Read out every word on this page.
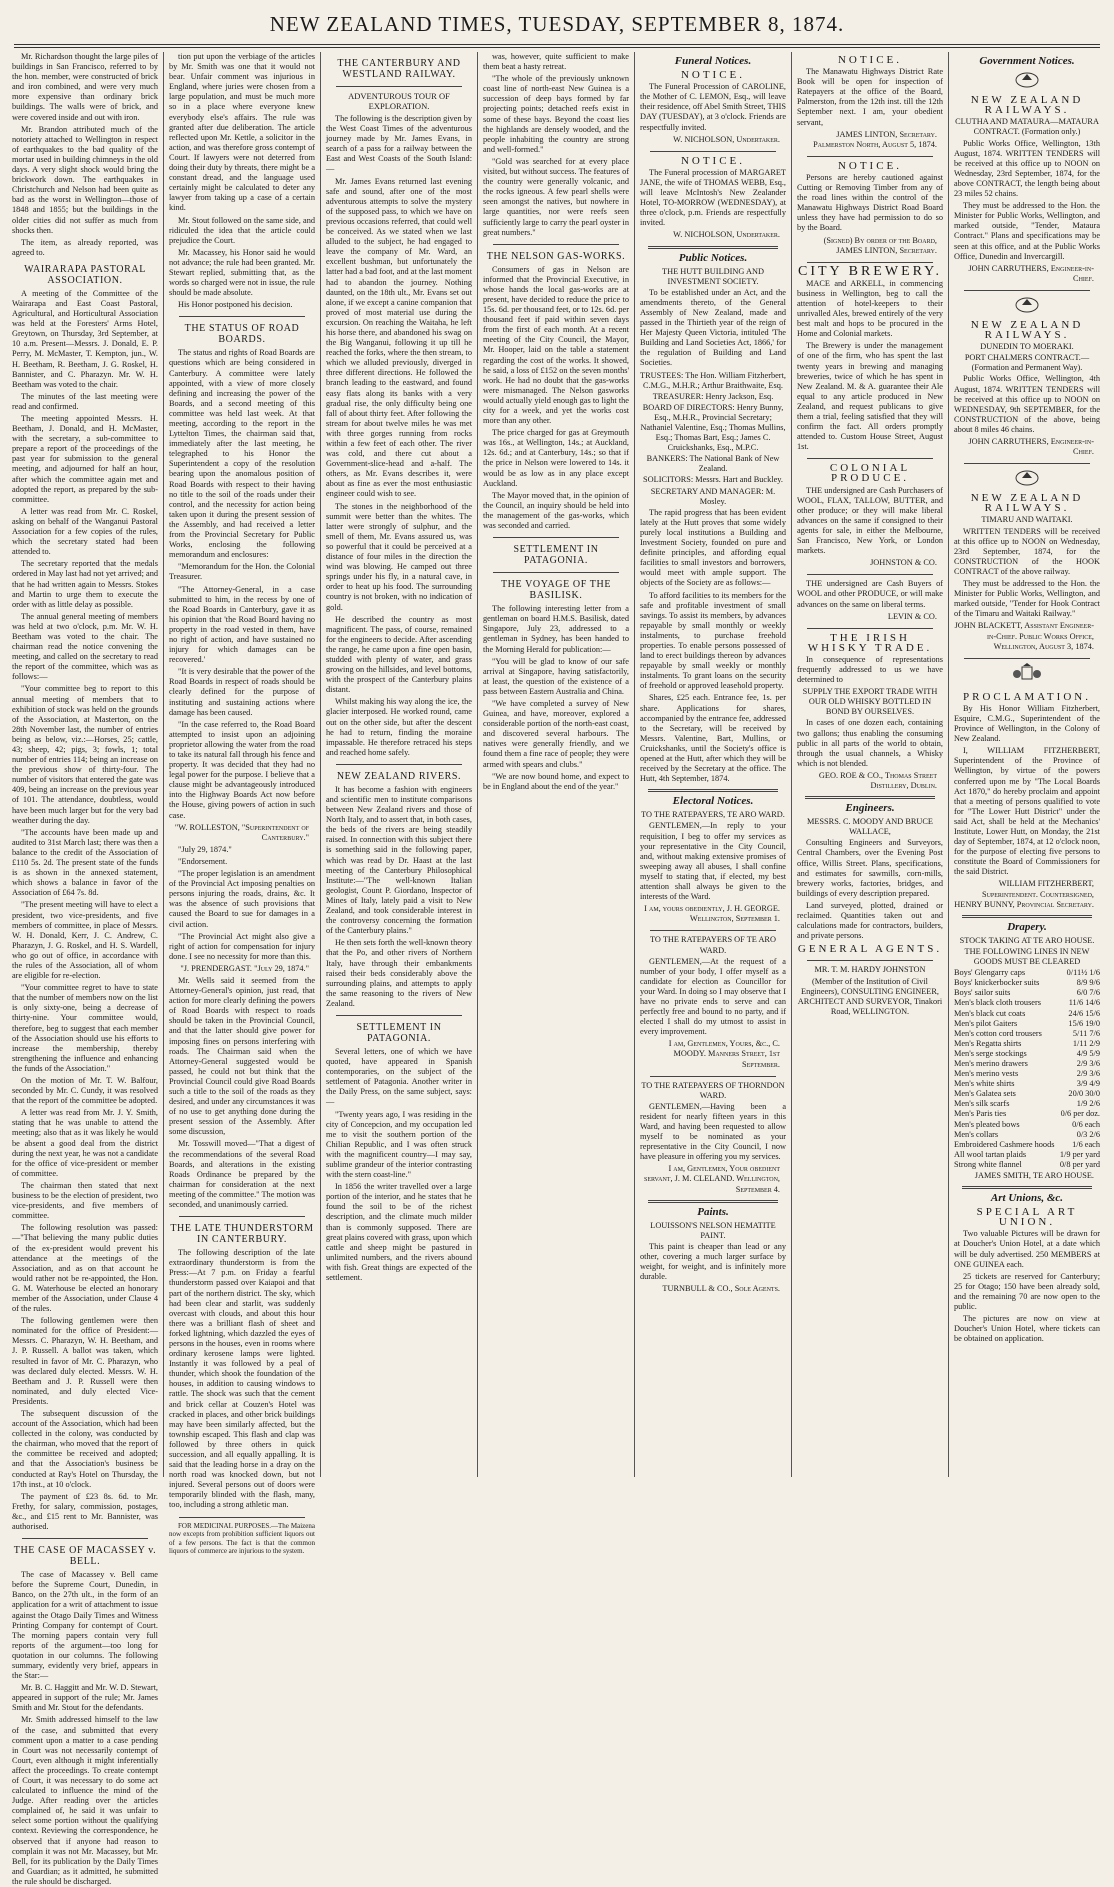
NEW ZEALAND TIMES, TUESDAY, SEPTEMBER 8, 1874.

Mr. Richardson thought the large piles of buildings in San Francisco, referred to by the hon. member, were constructed of brick and iron combined, and were very much more expensive than ordinary brick buildings. The walls were of brick, and were covered inside and out with iron.

Mr. Brandon attributed much of the notoriety attached to Wellington in respect of earthquakes to the bad quality of the mortar used in building chimneys in the old days. A very slight shock would bring the brickwork down. The earthquakes in Christchurch and Nelson had been quite as bad as the worst in Wellington—those of 1848 and 1855; but the buildings in the older cities did not suffer as much from shocks then.

The item, as already reported, was agreed to.

WAIRARAPA PASTORAL ASSOCIATION.

A meeting of the Committee of the Wairarapa and East Coast Pastoral, Agricultural, and Horticultural Association was held at the Foresters' Arms Hotel, Greytown, on Thursday, 3rd September, at 10 a.m. Present—Messrs. J. Donald, E. P. Perry, M. McMaster, T. Kempton, jun., W. H. Beetham, R. Beetham, J. G. Roskel, H. Bannister, and C. Pharazyn. Mr. W. H. Beetham was voted to the chair.

The minutes of the last meeting were read and confirmed.

The meeting appointed Messrs. H. Beetham, J. Donald, and H. McMaster, with the secretary, a sub-committee to prepare a report of the proceedings of the past year for submission to the general meeting, and adjourned for half an hour, after which the committee again met and adopted the report, as prepared by the sub-committee.

A letter was read from Mr. C. Roskel, asking on behalf of the Wanganui Pastoral Association for a few copies of the rules, which the secretary stated had been attended to.

The secretary reported that the medals ordered in May last had not yet arrived; and that he had written again to Messrs. Stokes and Martin to urge them to execute the order with as little delay as possible.

The annual general meeting of members was held at two o'clock, p.m. Mr. W. H. Beetham was voted to the chair. The chairman read the notice convening the meeting, and called on the secretary to read the report of the committee, which was as follows:—

"Your committee beg to report to this annual meeting of members that to exhibition of stock was held on the grounds of the Association, at Masterton, on the 28th November last, the number of entries being as below, viz.:—Horses, 25; cattle, 43; sheep, 42; pigs, 3; fowls, 1; total number of entries 114; being an increase on the previous show of thirty-four. The number of visitors that entered the gate was 409, being an increase on the previous year of 101. The attendance, doubtless, would have been much larger but for the very bad weather during the day.

"The accounts have been made up and audited to 31st March last; there was then a balance to the credit of the Association of £110 5s. 2d. The present state of the funds is as shown in the annexed statement, which shows a balance in favor of the Association of £64 7s. 8d.

"The present meeting will have to elect a president, two vice-presidents, and five members of committee, in place of Messrs. W. H. Donald, Kerr, J. C. Andrew, C. Pharazyn, J. G. Roskel, and H. S. Wardell, who go out of office, in accordance with the rules of the Association, all of whom are eligible for re-election.

"Your committee regret to have to state that the number of members now on the list is only sixty-one, being a decrease of thirty-nine. Your committee would, therefore, beg to suggest that each member of the Association should use his efforts to increase the membership, thereby strengthening the influence and enhancing the funds of the Association."

On the motion of Mr. T. W. Balfour, seconded by Mr. C. Cundy, it was resolved that the report of the committee be adopted.

A letter was read from Mr. J. Y. Smith, stating that he was unable to attend the meeting; also that as it was likely he would be absent a good deal from the district during the next year, he was not a candidate for the office of vice-president or member of committee.

The chairman then stated that next business to be the election of president, two vice-presidents, and five members of committee.

The following resolution was passed:—"That believing the many public duties of the ex-president would prevent his attendance at the meetings of the Association, and as on that account he would rather not be re-appointed, the Hon. G. M. Waterhouse be elected an honorary member of the Association, under Clause 4 of the rules.

The following gentlemen were then nominated for the office of President:—Messrs. C. Pharazyn, W. H. Beetham, and J. P. Russell. A ballot was taken, which resulted in favor of Mr. C. Pharazyn, who was declared duly elected. Messrs. W. H. Beetham and J. P. Russell were then nominated, and duly elected Vice-Presidents.

The subsequent discussion of the account of the Association, which had been collected in the colony, was conducted by the chairman, who moved that the report of the committee be received and adopted; and that the Association's business be conducted at Ray's Hotel on Thursday, the 17th inst., at 10 o'clock.

The payment of £23 8s. 6d. to Mr. Frethy, for salary, commission, postages, &c., and £15 rent to Mr. Bannister, was authorised.

THE CASE OF MACASSEY v. BELL.

The case of Macassey v. Bell came before the Supreme Court, Dunedin, in Banco, on the 27th ult., in the form of an application for a writ of attachment to issue against the Otago Daily Times and Witness Printing Company for contempt of Court. The morning papers contain very full reports of the argument—too long for quotation in our columns. The following summary, evidently very brief, appears in the Star:—

Mr. B. C. Haggitt and Mr. W. D. Stewart, appeared in support of the rule; Mr. James Smith and Mr. Stout for the defendants.

Mr. Smith addressed himself to the law of the case, and submitted that every comment upon a matter to a case pending in Court was not necessarily contempt of Court, even although it might inferentially affect the proceedings. To create contempt of Court, it was necessary to do some act calculated to influence the mind of the Judge. After reading over the articles complained of, he said it was unfair to select some portion without the qualifying context. Reviewing the correspondence, he observed that if anyone had reason to complain it was not Mr. Macassey, but Mr. Bell, for its publication by the Daily Times and Guardian; as it admitted, he submitted the rule should be discharged.

tion put upon the verbiage of the articles by Mr. Smith was one that it would not bear. Unfair comment was injurious in England, where juries were chosen from a large population, and must be much more so in a place where everyone knew everybody else's affairs. The rule was granted after due deliberation. The article reflected upon Mr. Kettle, a solicitor in the action, and was therefore gross contempt of Court. If lawyers were not deterred from doing their duty by threats, there might be a constant dread, and the language used certainly might be calculated to deter any lawyer from taking up a case of a certain kind.

Mr. Stout followed on the same side, and ridiculed the idea that the article could prejudice the Court.

Mr. Macassey, his Honor said he would not advance; the rule had been granted. Mr. Stewart replied, submitting that, as the words so charged were not in issue, the rule should be made absolute.

His Honor postponed his decision.

THE STATUS OF ROAD BOARDS.

The status and rights of Road Boards are questions which are being considered in Canterbury. A committee were lately appointed, with a view of more closely defining and increasing the power of the Boards, and a second meeting of this committee was held last week. At that meeting, according to the report in the Lyttelton Times, the chairman said that, immediately after the last meeting, he telegraphed to his Honor the Superintendent a copy of the resolution bearing upon the anomalous position of Road Boards with respect to their having no title to the soil of the roads under their control, and the necessity for action being taken upon it during the present session of the Assembly, and had received a letter from the Provincial Secretary for Public Works, enclosing the following memorandum and enclosures:

"Memorandum for the Hon. the Colonial Treasurer.

"The Attorney-General, in a case submitted to him, in the recess by one of the Road Boards in Canterbury, gave it as his opinion that 'the Road Board having no property in the road vested in them, have no right of action, and have sustained no injury for which damages can be recovered.'

"It is very desirable that the power of the Road Boards in respect of roads should be clearly defined for the purpose of instituting and sustaining actions where damage has been caused.

"In the case referred to, the Road Board attempted to insist upon an adjoining proprietor allowing the water from the road to take its natural fall through his fence and property. It was decided that they had no legal power for the purpose. I believe that a clause might be advantageously introduced into the Highway Boards Act now before the House, giving powers of action in such case.

"W. ROLLESTON, "Superintendent of Canterbury."

"July 29, 1874."

"Endorsement.

"The proper legislation is an amendment of the Provincial Act imposing penalties on persons injuring the roads, drains, &c. It was the absence of such provisions that caused the Board to sue for damages in a civil action.

"The Provincial Act might also give a right of action for compensation for injury done. I see no necessity for more than this.

"J. PRENDERGAST. "July 29, 1874."

Mr. Wells said it seemed from the Attorney-General's opinion, just read, that action for more clearly defining the powers of Road Boards with respect to roads should be taken in the Provincial Council, and that the latter should give power for imposing fines on persons interfering with roads. The Chairman said when the Attorney-General suggested would be passed, he could not but think that the Provincial Council could give Road Boards such a title to the soil of the roads as they desired, and under any circumstances it was of no use to get anything done during the present session of the Assembly. After some discussion,

Mr. Tosswill moved—"That a digest of the recommendations of the several Road Boards, and alterations in the existing Roads Ordinance be prepared by the chairman for consideration at the next meeting of the committee." The motion was seconded, and unanimously carried.

THE LATE THUNDERSTORM IN CANTERBURY.

The following description of the late extraordinary thunderstorm is from the Press:—At 7 p.m. on Friday a fearful thunderstorm passed over Kaiapoi and that part of the northern district. The sky, which had been clear and starlit, was suddenly overcast with clouds, and about this hour there was a brilliant flash of sheet and forked lightning, which dazzled the eyes of persons in the houses, even in rooms where ordinary kerosene lamps were lighted. Instantly it was followed by a peal of thunder, which shook the foundation of the houses, in addition to causing windows to rattle. The shock was such that the cement and brick cellar at Couzen's Hotel was cracked in places, and other brick buildings may have been similarly affected, but the township escaped. This flash and clap was followed by three others in quick succession, and all equally appalling. It is said that the leading horse in a dray on the north road was knocked down, but not injured. Several persons out of doors were temporarily blinded with the flash, many, too, including a strong athletic man.

FOR MEDICINAL PURPOSES.—The Maizena now excepts from prohibition sufficient liquors out of a few persons. The fact is that the common liquors of commerce are injurious to the system.

THE CANTERBURY AND WESTLAND RAILWAY.
ADVENTUROUS TOUR OF EXPLORATION.

The following is the description given by the West Coast Times of the adventurous journey made by Mr. James Evans, in search of a pass for a railway between the East and West Coasts of the South Island:—

Mr. James Evans returned last evening safe and sound, after one of the most adventurous attempts to solve the mystery of the supposed pass, to which we have on previous occasions referred, that could well be conceived. As we stated when we last alluded to the subject, he had engaged to leave the company of Mr. Ward, an excellent bushman, but unfortunately the latter had a bad foot, and at the last moment had to abandon the journey. Nothing daunted, on the 18th ult., Mr. Evans set out alone, if we except a canine companion that proved of most material use during the excursion. On reaching the Waitaha, he left his horse there, and abandoned his swag on the Big Wanganui, following it up till he reached the forks, where the then stream, to which we alluded previously, diverged in three different directions. He followed the branch leading to the eastward, and found easy flats along its banks with a very gradual rise, the only difficulty being one fall of about thirty feet. After following the stream for about twelve miles he was met with three gorges running from rocks within a few feet of each other. The river was cold, and there cut about a Government-slice-head and a-half. The others, as Mr. Evans describes it, were about as fine as ever the most enthusiastic engineer could wish to see.

The stones in the neighborhood of the summit were better than the whites. The latter were strongly of sulphur, and the smell of them, Mr. Evans assured us, was so powerful that it could be perceived at a distance of four miles in the direction the wind was blowing. He camped out three springs under his fly, in a natural cave, in order to heat up his food. The surrounding country is not broken, with no indication of gold.

He described the country as most magnificent. The pass, of course, remained for the engineers to decide. After ascending the range, he came upon a fine open basin, studded with plenty of water, and grass growing on the hillsides, and level bottoms, with the prospect of the Canterbury plains distant.

Whilst making his way along the ice, the glacier interposed. He worked round, came out on the other side, but after the descent he had to return, finding the moraine impassable. He therefore retraced his steps and reached home safely.

NEW ZEALAND RIVERS.

It has become a fashion with engineers and scientific men to institute comparisons between New Zealand rivers and those of North Italy, and to assert that, in both cases, the beds of the rivers are being steadily raised. In connection with this subject there is something said in the following paper, which was read by Dr. Haast at the last meeting of the Canterbury Philosophical Institute:—"The well-known Italian geologist, Count P. Giordano, Inspector of Mines of Italy, lately paid a visit to New Zealand, and took considerable interest in the controversy concerning the formation of the Canterbury plains."

He then sets forth the well-known theory that the Po, and other rivers of Northern Italy, have through their embankments raised their beds considerably above the surrounding plains, and attempts to apply the same reasoning to the rivers of New Zealand.

SETTLEMENT IN PATAGONIA.

Several letters, one of which we have quoted, have appeared in Spanish contemporaries, on the subject of the settlement of Patagonia. Another writer in the Daily Press, on the same subject, says:—

"Twenty years ago, I was residing in the city of Concepcion, and my occupation led me to visit the southern portion of the Chilian Republic, and I was often struck with the magnificent country—I may say, sublime grandeur of the interior contrasting with the stern coast-line."

In 1856 the writer travelled over a large portion of the interior, and he states that he found the soil to be of the richest description, and the climate much milder than is commonly supposed. There are great plains covered with grass, upon which cattle and sheep might be pastured in unlimited numbers, and the rivers abound with fish. Great things are expected of the settlement.

was, however, quite sufficient to make them beat a hasty retreat.

"The whole of the previously unknown coast line of north-east New Guinea is a succession of deep bays formed by far projecting points; detached reefs exist in some of these bays. Beyond the coast lies the highlands are densely wooded, and the people inhabiting the country are strong and well-formed."

"Gold was searched for at every place visited, but without success. The features of the country were generally volcanic, and the rocks igneous. A few pearl shells were seen amongst the natives, but nowhere in large quantities, nor were reefs seen sufficiently large to carry the pearl oyster in great numbers."

THE NELSON GAS-WORKS.

Consumers of gas in Nelson are informed that the Provincial Executive, in whose hands the local gas-works are at present, have decided to reduce the price to 15s. 6d. per thousand feet, or to 12s. 6d. per thousand feet if paid within seven days from the first of each month. At a recent meeting of the City Council, the Mayor, Mr. Hooper, laid on the table a statement regarding the cost of the works. It showed, he said, a loss of £152 on the seven months' work. He had no doubt that the gas-works were mismanaged. The Nelson gasworks would actually yield enough gas to light the city for a week, and yet the works cost more than any other.

The price charged for gas at Greymouth was 16s., at Wellington, 14s.; at Auckland, 12s. 6d.; and at Canterbury, 14s.; so that if the price in Nelson were lowered to 14s. it would be as low as in any place except Auckland.

The Mayor moved that, in the opinion of the Council, an inquiry should be held into the management of the gas-works, which was seconded and carried.

SETTLEMENT IN PATAGONIA.
THE VOYAGE OF THE BASILISK.

The following interesting letter from a gentleman on board H.M.S. Basilisk, dated Singapore, July 23, addressed to a gentleman in Sydney, has been handed to the Morning Herald for publication:—

"You will be glad to know of our safe arrival at Singapore, having satisfactorily, at least, the question of the existence of a pass between Eastern Australia and China.

"We have completed a survey of New Guinea, and have, moreover, explored a considerable portion of the north-east coast, and discovered several harbours. The natives were generally friendly, and we found them a fine race of people; they were armed with spears and clubs."

"We are now bound home, and expect to be in England about the end of the year."

Funeral Notices.
NOTICE.

The Funeral Procession of CAROLINE, the Mother of C. LEMON, Esq., will leave their residence, off Abel Smith Street, THIS DAY (TUESDAY), at 3 o'clock. Friends are respectfully invited.

W. NICHOLSON, Undertaker.
NOTICE.

The Funeral procession of MARGARET JANE, the wife of THOMAS WEBB, Esq., will leave McIntosh's New Zealander Hotel, TO-MORROW (WEDNESDAY), at three o'clock, p.m. Friends are respectfully invited.

W. NICHOLSON, Undertaker.
Public Notices.
THE HUTT BUILDING AND INVESTMENT SOCIETY.

To be established under an Act, and the amendments thereto, of the General Assembly of New Zealand, made and passed in the Thirtieth year of the reign of Her Majesty Queen Victoria, intituled 'The Building and Land Societies Act, 1866,' for the regulation of Building and Land Societies.

TRUSTEES: The Hon. William Fitzherbert, C.M.G., M.H.R.; Arthur Braithwaite, Esq.
TREASURER: Henry Jackson, Esq.
BOARD OF DIRECTORS: Henry Bunny, Esq., M.H.R., Provincial Secretary; Nathaniel Valentine, Esq.; Thomas Mullins, Esq.; Thomas Bart, Esq.; James C. Cruickshanks, Esq., M.P.C.
BANKERS: The National Bank of New Zealand.
SOLICITORS: Messrs. Hart and Buckley.
SECRETARY AND MANAGER: M. Mosley.

The rapid progress that has been evident lately at the Hutt proves that some widely purely local institutions a Building and Investment Society, founded on pure and definite principles, and affording equal facilities to small investors and borrowers, would meet with ample support. The objects of the Society are as follows:—

To afford facilities to its members for the safe and profitable investment of small savings. To assist its members, by advances repayable by small monthly or weekly instalments, to purchase freehold properties. To enable persons possessed of land to erect buildings thereon by advances repayable by small weekly or monthly instalments. To grant loans on the security of freehold or approved leasehold property.

Shares, £25 each. Entrance fee, 1s. per share. Applications for shares, accompanied by the entrance fee, addressed to the Secretary, will be received by Messrs. Valentine, Bart, Mullins, or Cruickshanks, until the Society's office is opened at the Hutt, after which they will be received by the Secretary at the office. The Hutt, 4th September, 1874.

Electoral Notices.
TO THE RATEPAYERS, TE ARO WARD.

GENTLEMEN,—In reply to your requisition, I beg to offer my services as your representative in the City Council, and, without making extensive promises of sweeping away all abuses, I shall confine myself to stating that, if elected, my best attention shall always be given to the interests of the Ward.

I am, yours obediently, J. H. GEORGE. Wellington, September 1.
TO THE RATEPAYERS OF TE ARO WARD.

GENTLEMEN,—At the request of a number of your body, I offer myself as a candidate for election as Councillor for your Ward. In doing so I may observe that I have no private ends to serve and can perfectly free and bound to no party, and if elected I shall do my utmost to assist in every improvement.

I am, Gentlemen, Yours, &c., C. MOODY. Manners Street, 1st September.
TO THE RATEPAYERS OF THORNDON WARD.

GENTLEMEN,—Having been a resident for nearly fifteen years in this Ward, and having been requested to allow myself to be nominated as your representative in the City Council, I now have pleasure in offering you my services.

I am, Gentlemen, Your obedient servant, J. M. CLELAND. Wellington, September 4.
Paints.
LOUISSON'S NELSON HEMATITE PAINT.

This paint is cheaper than lead or any other, covering a much larger surface by weight, for weight, and is infinitely more durable.

TURNBULL & CO., Sole Agents.
NOTICE.

The Manawatu Highways District Rate Book will be open for inspection of Ratepayers at the office of the Board, Palmerston, from the 12th inst. till the 12th September next. I am, your obedient servant,

JAMES LINTON, Secretary. Palmerston North, August 5, 1874.
NOTICE.

Persons are hereby cautioned against Cutting or Removing Timber from any of the road lines within the control of the Manawatu Highways District Road Board unless they have had permission to do so by the Board.

(Signed) By order of the Board, JAMES LINTON, Secretary.
CITY BREWERY.

MACE and ARKELL, in commencing business in Wellington, beg to call the attention of hotel-keepers to their unrivalled Ales, brewed entirely of the very best malt and hops to be procured in the Home and Colonial markets.

The Brewery is under the management of one of the firm, who has spent the last twenty years in brewing and managing breweries, twice of which he has spent in New Zealand. M. & A. guarantee their Ale equal to any article produced in New Zealand, and request publicans to give them a trial, feeling satisfied that they will confirm the fact. All orders promptly attended to. Custom House Street, August 1st.

COLONIAL PRODUCE.

THE undersigned are Cash Purchasers of WOOL, FLAX, TALLOW, BUTTER, and other produce; or they will make liberal advances on the same if consigned to their agents for sale, in either the Melbourne, San Francisco, New York, or London markets.

JOHNSTON & CO.

THE undersigned are Cash Buyers of WOOL and other PRODUCE, or will make advances on the same on liberal terms.

LEVIN & CO.
THE IRISH WHISKY TRADE.

In consequence of representations frequently addressed to us we have determined to

SUPPLY THE EXPORT TRADE WITH OUR OLD WHISKY BOTTLED IN BOND BY OURSELVES.

In cases of one dozen each, containing two gallons; thus enabling the consuming public in all parts of the world to obtain, through the usual channels, a Whisky which is not blended.

GEO. ROE & CO., Thomas Street Distillery, Dublin.
Engineers.
MESSRS. C. MOODY AND BRUCE WALLACE,

Consulting Engineers and Surveyors, Central Chambers, over the Evening Post office, Willis Street. Plans, specifications, and estimates for sawmills, corn-mills, brewery works, factories, bridges, and buildings of every description prepared.

Land surveyed, plotted, drained or reclaimed. Quantities taken out and calculations made for contractors, builders, and private persons.

GENERAL AGENTS.
MR. T. M. HARDY JOHNSTON
(Member of the Institution of Civil Engineers), CONSULTING ENGINEER, ARCHITECT AND SURVEYOR, Tinakori Road, WELLINGTON.
Government Notices.
NEW ZEALAND RAILWAYS.
CLUTHA AND MATAURA—MATAURA CONTRACT. (Formation only.)

Public Works Office, Wellington, 13th August, 1874. WRITTEN TENDERS will be received at this office up to NOON on Wednesday, 23rd September, 1874, for the above CONTRACT, the length being about 23 miles 52 chains.

They must be addressed to the Hon. the Minister for Public Works, Wellington, and marked outside, "Tender, Mataura Contract." Plans and specifications may be seen at this office, and at the Public Works Office, Dunedin and Invercargill.

JOHN CARRUTHERS, Engineer-in-Chief.
NEW ZEALAND RAILWAYS.
DUNEDIN TO MOERAKI.
PORT CHALMERS CONTRACT.—(Formation and Permanent Way).

Public Works Office, Wellington, 4th August, 1874. WRITTEN TENDERS will be received at this office up to NOON on WEDNESDAY, 9th SEPTEMBER, for the CONSTRUCTION of the above, being about 8 miles 46 chains.

JOHN CARRUTHERS, Engineer-in-Chief.
NEW ZEALAND RAILWAYS.
TIMARU AND WAITAKI.

WRITTEN TENDERS will be received at this office up to NOON on Wednesday, 23rd September, 1874, for the CONSTRUCTION of the HOOK CONTRACT of the above railway.

They must be addressed to the Hon. the Minister for Public Works, Wellington, and marked outside, "Tender for Hook Contract of the Timaru and Waitaki Railway."

JOHN BLACKETT, Assistant Engineer-in-Chief. Public Works Office, Wellington, August 3, 1874.
PROCLAMATION.

By His Honor William Fitzherbert, Esquire, C.M.G., Superintendent of the Province of Wellington, in the Colony of New Zealand.

I, WILLIAM FITZHERBERT, Superintendent of the Province of Wellington, by virtue of the powers conferred upon me by "The Local Boards Act 1870," do hereby proclaim and appoint that a meeting of persons qualified to vote for "The Lower Hutt District" under the said Act, shall be held at the Mechanics' Institute, Lower Hutt, on Monday, the 21st day of September, 1874, at 12 o'clock noon, for the purpose of electing five persons to constitute the Board of Commissioners for the said District.

WILLIAM FITZHERBERT, Superintendent. Countersigned, HENRY BUNNY, Provincial Secretary.
Drapery.
STOCK TAKING AT TE ARO HOUSE.
THE FOLLOWING LINES IN NEW GOODS MUST BE CLEARED
Boys' Glengarry caps	0/11½ 1/6
Boys' knickerbocker suits	8/9 9/6
Boys' sailor suits	6/0 7/6
Men's black cloth trousers	11/6 14/6
Men's black cut coats	24/6 15/6
Men's pilot Gaiters	15/6 19/0
Men's cotton cord trousers	5/11 7/6
Men's Regatta shirts	1/11 2/9
Men's serge stockings	4/9 5/9
Men's merino drawers	2/9 3/6
Men's merino vests	2/9 3/6
Men's white shirts	3/9 4/9
Men's Galatea sets	20/0 30/0
Men's silk scarfs	1/9 2/6
Men's Paris ties	0/6 per doz.
Men's pleated bows	0/6 each
Men's collars	0/3 2/6
Embroidered Cashmere hoods 1/6 each
All wool tartan plaids	1/9 per yard
Strong white flannel	0/8 per yard
JAMES SMITH, TE ARO HOUSE.
Art Unions, &c.
SPECIAL ART UNION.

Two valuable Pictures will be drawn for at Doucher's Union Hotel, at a date which will be duly advertised. 250 MEMBERS at ONE GUINEA each.

25 tickets are reserved for Canterbury; 25 for Otago; 150 have been already sold, and the remaining 70 are now open to the public.

The pictures are now on view at Doucher's Union Hotel, where tickets can be obtained on application.
